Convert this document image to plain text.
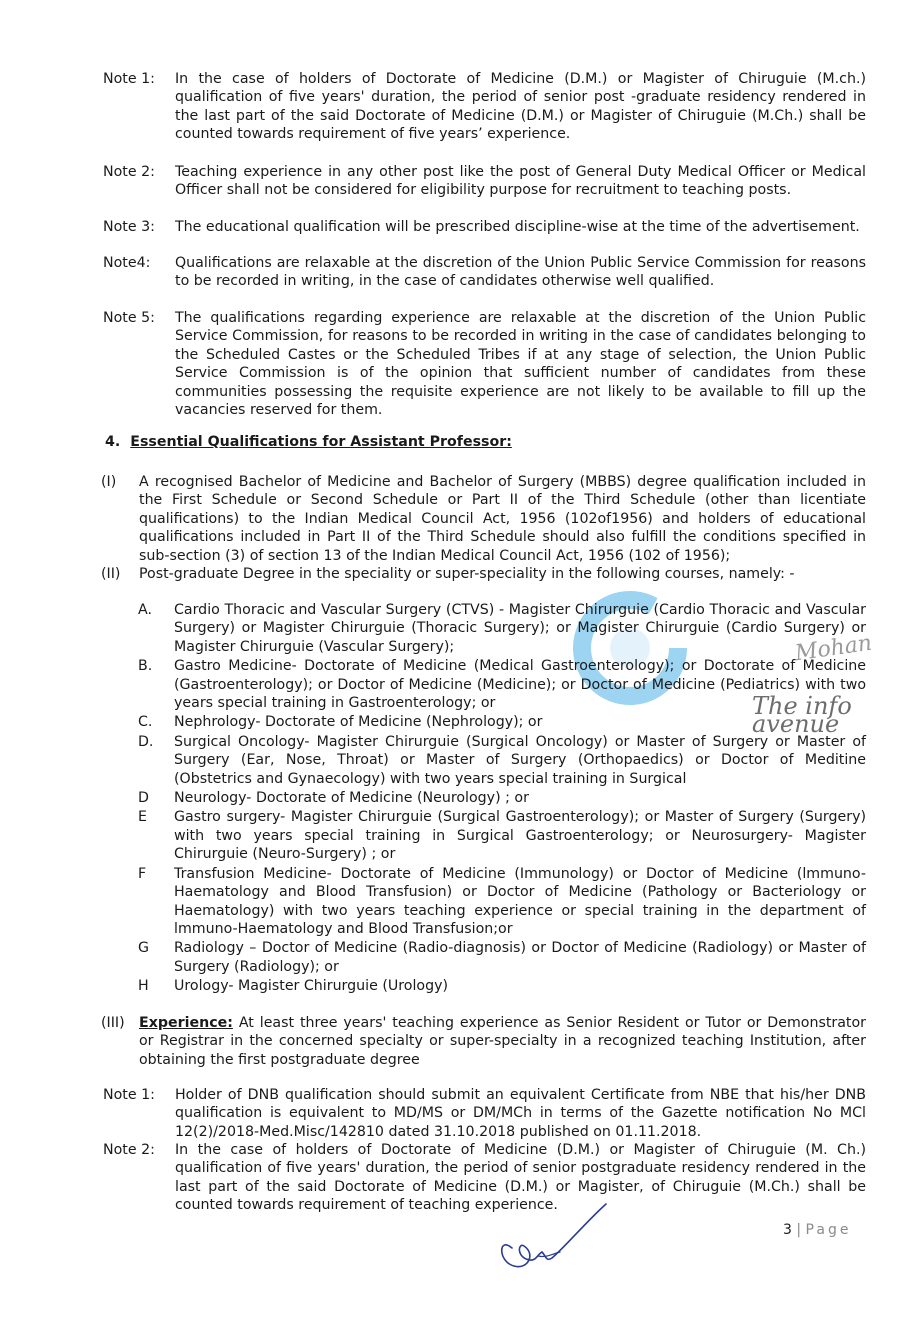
Mohan
The info avenue
Note 1: In the case of holders of Doctorate of Medicine (D.M.) or Magister of Chiruguie (M.ch.) qualification of five years' duration, the period of senior post -graduate residency rendered in the last part of the said Doctorate of Medicine (D.M.) or Magister of Chiruguie (M.Ch.) shall be counted towards requirement of five years’ experience.
Note 2: Teaching experience in any other post like the post of General Duty Medical Officer or Medical Officer shall not be considered for eligibility purpose for recruitment to teaching posts.
Note 3: The educational qualification will be prescribed discipline-wise at the time of the advertisement.
Note4: Qualifications are relaxable at the discretion of the Union Public Service Commission for reasons to be recorded in writing, in the case of candidates otherwise well qualified.
Note 5: The qualifications regarding experience are relaxable at the discretion of the Union Public Service Commission, for reasons to be recorded in writing in the case of candidates belonging to the Scheduled Castes or the Scheduled Tribes if at any stage of selection, the Union Public Service Commission is of the opinion that sufficient number of candidates from these communities possessing the requisite experience are not likely to be available to fill up the vacancies reserved for them.
4. Essential Qualifications for Assistant Professor:
(I) A recognised Bachelor of Medicine and Bachelor of Surgery (MBBS) degree qualification included in the First Schedule or Second Schedule or Part II of the Third Schedule (other than licentiate qualifications) to the Indian Medical Council Act, 1956 (102of1956) and holders of educational qualifications included in Part II of the Third Schedule should also fulfill the conditions specified in sub-section (3) of section 13 of the Indian Medical Council Act, 1956 (102 of 1956);
(II) Post-graduate Degree in the speciality or super-speciality in the following courses, namely: -
A. Cardio Thoracic and Vascular Surgery (CTVS) - Magister Chirurguie (Cardio Thoracic and Vascular Surgery) or Magister Chirurguie (Thoracic Surgery); or Magister Chirurguie (Cardio Surgery) or Magister Chirurguie (Vascular Surgery);
B. Gastro Medicine- Doctorate of Medicine (Medical Gastroenterology); or Doctorate of Medicine (Gastroenterology); or Doctor of Medicine (Medicine); or Doctor of Medicine (Pediatrics) with two years special training in Gastroenterology; or
C. Nephrology- Doctorate of Medicine (Nephrology); or
D. Surgical Oncology- Magister Chirurguie (Surgical Oncology) or Master of Surgery or Master of Surgery (Ear, Nose, Throat) or Master of Surgery (Orthopaedics) or Doctor of Meditine (Obstetrics and Gynaecology) with two years special training in Surgical
D Neurology- Doctorate of Medicine (Neurology) ; or
E Gastro surgery- Magister Chirurguie (Surgical Gastroenterology); or Master of Surgery (Surgery) with two years special training in Surgical Gastroenterology; or Neurosurgery- Magister Chirurguie (Neuro-Surgery) ; or
F Transfusion Medicine- Doctorate of Medicine (Immunology) or Doctor of Medicine (lmmuno-Haematology and Blood Transfusion) or Doctor of Medicine (Pathology or Bacteriology or Haematology) with two years teaching experience or special training in the department of lmmuno-Haematology and Blood Transfusion;or
G Radiology – Doctor of Medicine (Radio-diagnosis) or Doctor of Medicine (Radiology) or Master of Surgery (Radiology); or
H Urology- Magister Chirurguie (Urology)
(III) Experience: At least three years' teaching experience as Senior Resident or Tutor or Demonstrator or Registrar in the concerned specialty or super-specialty in a recognized teaching Institution, after obtaining the first postgraduate degree
Note 1: Holder of DNB qualification should submit an equivalent Certificate from NBE that his/her DNB qualification is equivalent to MD/MS or DM/MCh in terms of the Gazette notification No MCl 12(2)/2018-Med.Misc/142810 dated 31.10.2018 published on 01.11.2018.
Note 2: In the case of holders of Doctorate of Medicine (D.M.) or Magister of Chiruguie (M. Ch.) qualification of five years' duration, the period of senior postgraduate residency rendered in the last part of the said Doctorate of Medicine (D.M.) or Magister, of Chiruguie (M.Ch.) shall be counted towards requirement of teaching experience.
3 | Page
